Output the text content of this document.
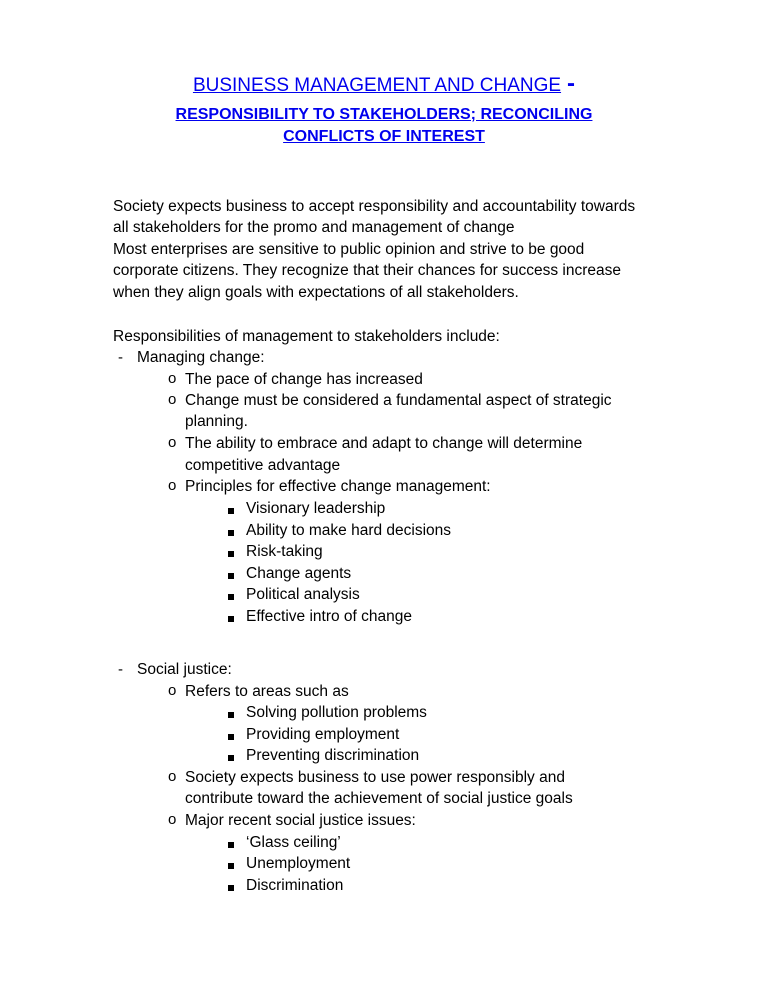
BUSINESS MANAGEMENT AND CHANGE -
RESPONSIBILITY TO STAKEHOLDERS; RECONCILING
CONFLICTS OF INTEREST
Society expects business to accept responsibility and accountability towards
all stakeholders for the promo and management of change
Most enterprises are sensitive to public opinion and strive to be good
corporate citizens. They recognize that their chances for success increase
when they align goals with expectations of all stakeholders.
Responsibilities of management to stakeholders include:
- Managing change:
o The pace of change has increased
o Change must be considered a fundamental aspect of strategic
planning.
o The ability to embrace and adapt to change will determine
competitive advantage
o Principles for effective change management:
Visionary leadership
Ability to make hard decisions
Risk-taking
Change agents
Political analysis
Effective intro of change
- Social justice:
o Refers to areas such as
Solving pollution problems
Providing employment
Preventing discrimination
o Society expects business to use power responsibly and
contribute toward the achievement of social justice goals
o Major recent social justice issues:
‘Glass ceiling’
Unemployment
Discrimination
